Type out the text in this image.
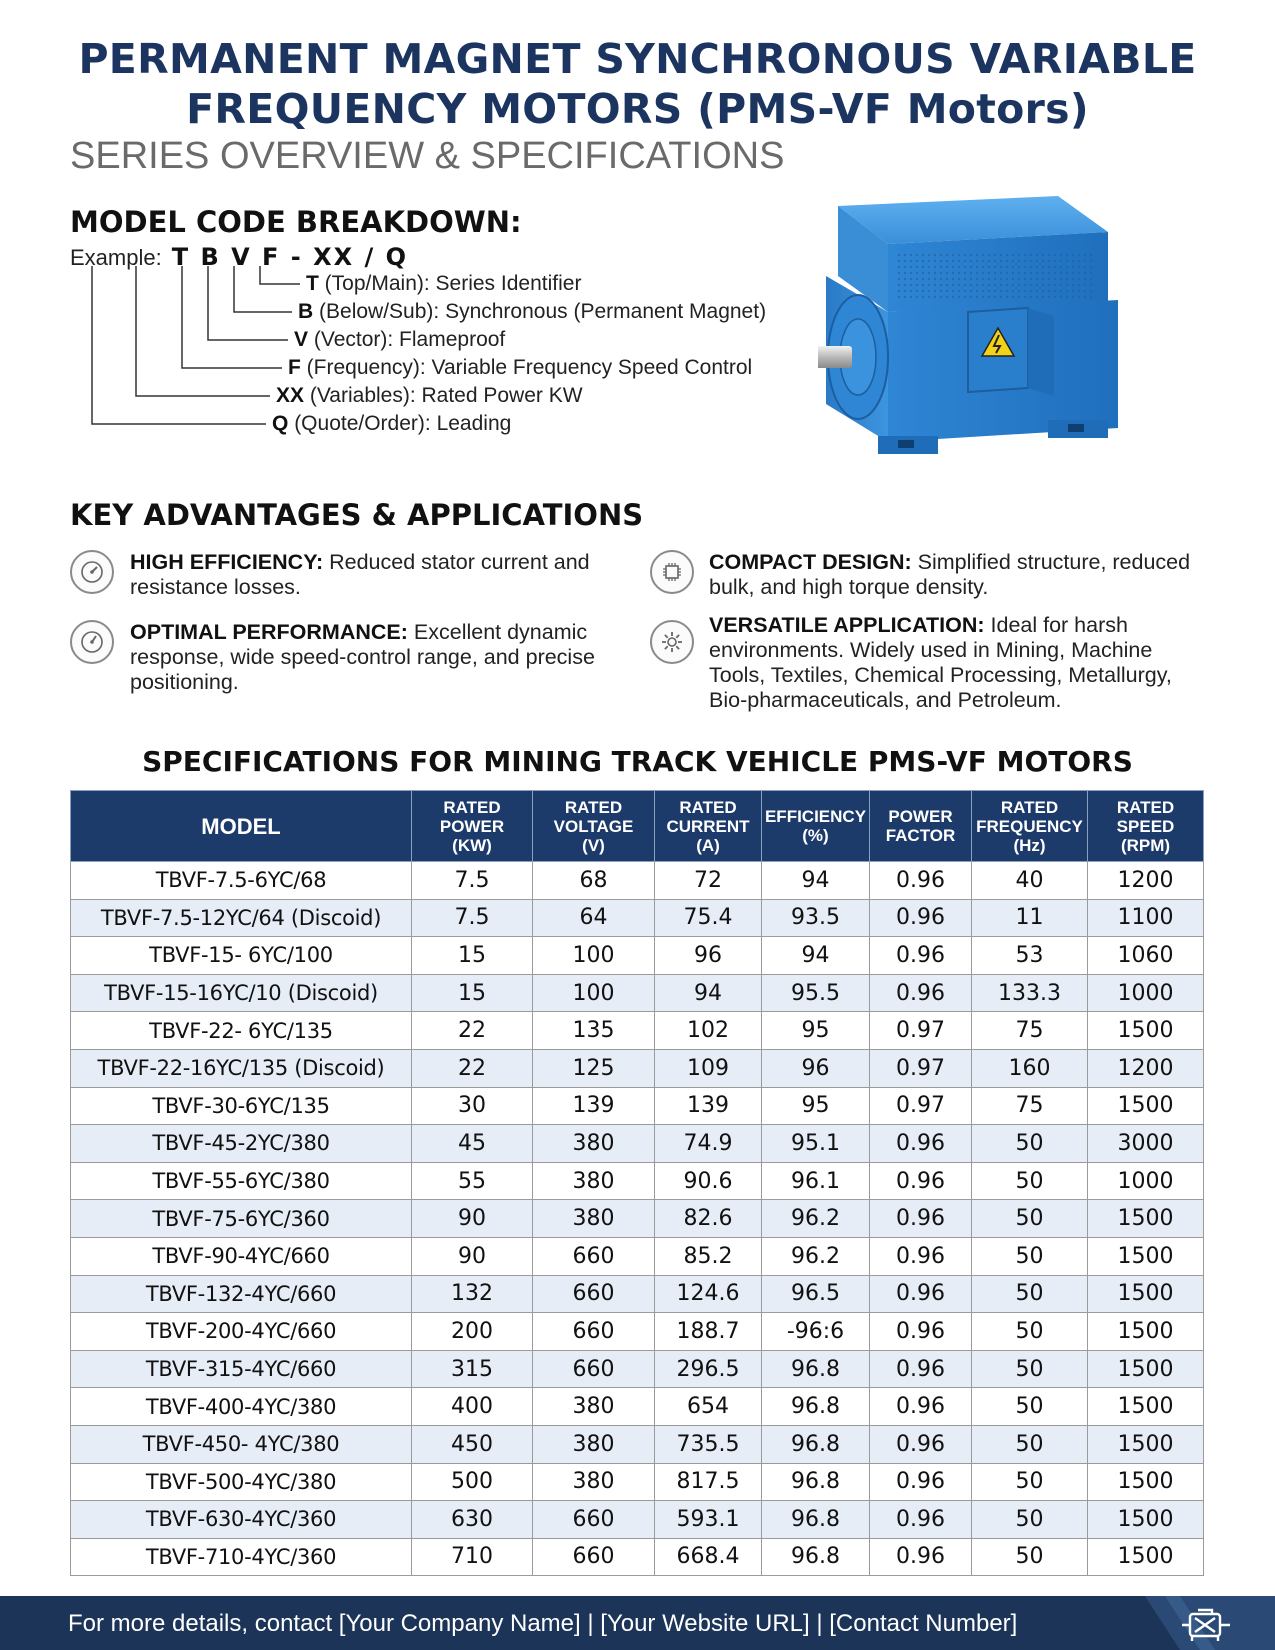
PERMANENT MAGNET SYNCHRONOUS VARIABLE FREQUENCY MOTORS (PMS-VF Motors)
SERIES OVERVIEW & SPECIFICATIONS
MODEL CODE BREAKDOWN:
Example: T B V F - XX / Q
T (Top/Main): Series Identifier
B (Below/Sub): Synchronous (Permanent Magnet)
V (Vector): Flameproof
F (Frequency): Variable Frequency Speed Control
XX (Variables): Rated Power KW
Q (Quote/Order): Leading
KEY ADVANTAGES & APPLICATIONS
HIGH EFFICIENCY: Reduced stator current and resistance losses.
COMPACT DESIGN: Simplified structure, reduced bulk, and high torque density.
OPTIMAL PERFORMANCE: Excellent dynamic response, wide speed-control range, and precise positioning.
VERSATILE APPLICATION: Ideal for harsh environments. Widely used in Mining, Machine Tools, Textiles, Chemical Processing, Metallurgy, Bio-pharmaceuticals, and Petroleum.
SPECIFICATIONS FOR MINING TRACK VEHICLE PMS-VF MOTORS
MODEL	RATED
POWER
(KW)	RATED
VOLTAGE
(V)	RATED
CURRENT
(A)	EFFICIENCY
(%)	POWER
FACTOR	RATED
FREQUENCY
(Hz)	RATED
SPEED
(RPM)
TBVF-7.5-6YC/68	7.5	68	72	94	0.96	40	1200
TBVF-7.5-12YC/64 (Discoid)	7.5	64	75.4	93.5	0.96	11	1100
TBVF-15- 6YC/100	15	100	96	94	0.96	53	1060
TBVF-15-16YC/10 (Discoid)	15	100	94	95.5	0.96	133.3	1000
TBVF-22- 6YC/135	22	135	102	95	0.97	75	1500
TBVF-22-16YC/135 (Discoid)	22	125	109	96	0.97	160	1200
TBVF-30-6YC/135	30	139	139	95	0.97	75	1500
TBVF-45-2YC/380	45	380	74.9	95.1	0.96	50	3000
TBVF-55-6YC/380	55	380	90.6	96.1	0.96	50	1000
TBVF-75-6YC/360	90	380	82.6	96.2	0.96	50	1500
TBVF-90-4YC/660	90	660	85.2	96.2	0.96	50	1500
TBVF-132-4YC/660	132	660	124.6	96.5	0.96	50	1500
TBVF-200-4YC/660	200	660	188.7	-96:6	0.96	50	1500
TBVF-315-4YC/660	315	660	296.5	96.8	0.96	50	1500
TBVF-400-4YC/380	400	380	654	96.8	0.96	50	1500
TBVF-450- 4YC/380	450	380	735.5	96.8	0.96	50	1500
TBVF-500-4YC/380	500	380	817.5	96.8	0.96	50	1500
TBVF-630-4YC/360	630	660	593.1	96.8	0.96	50	1500
TBVF-710-4YC/360	710	660	668.4	96.8	0.96	50	1500
For more details, contact [Your Company Name] | [Your Website URL] | [Contact Number]
